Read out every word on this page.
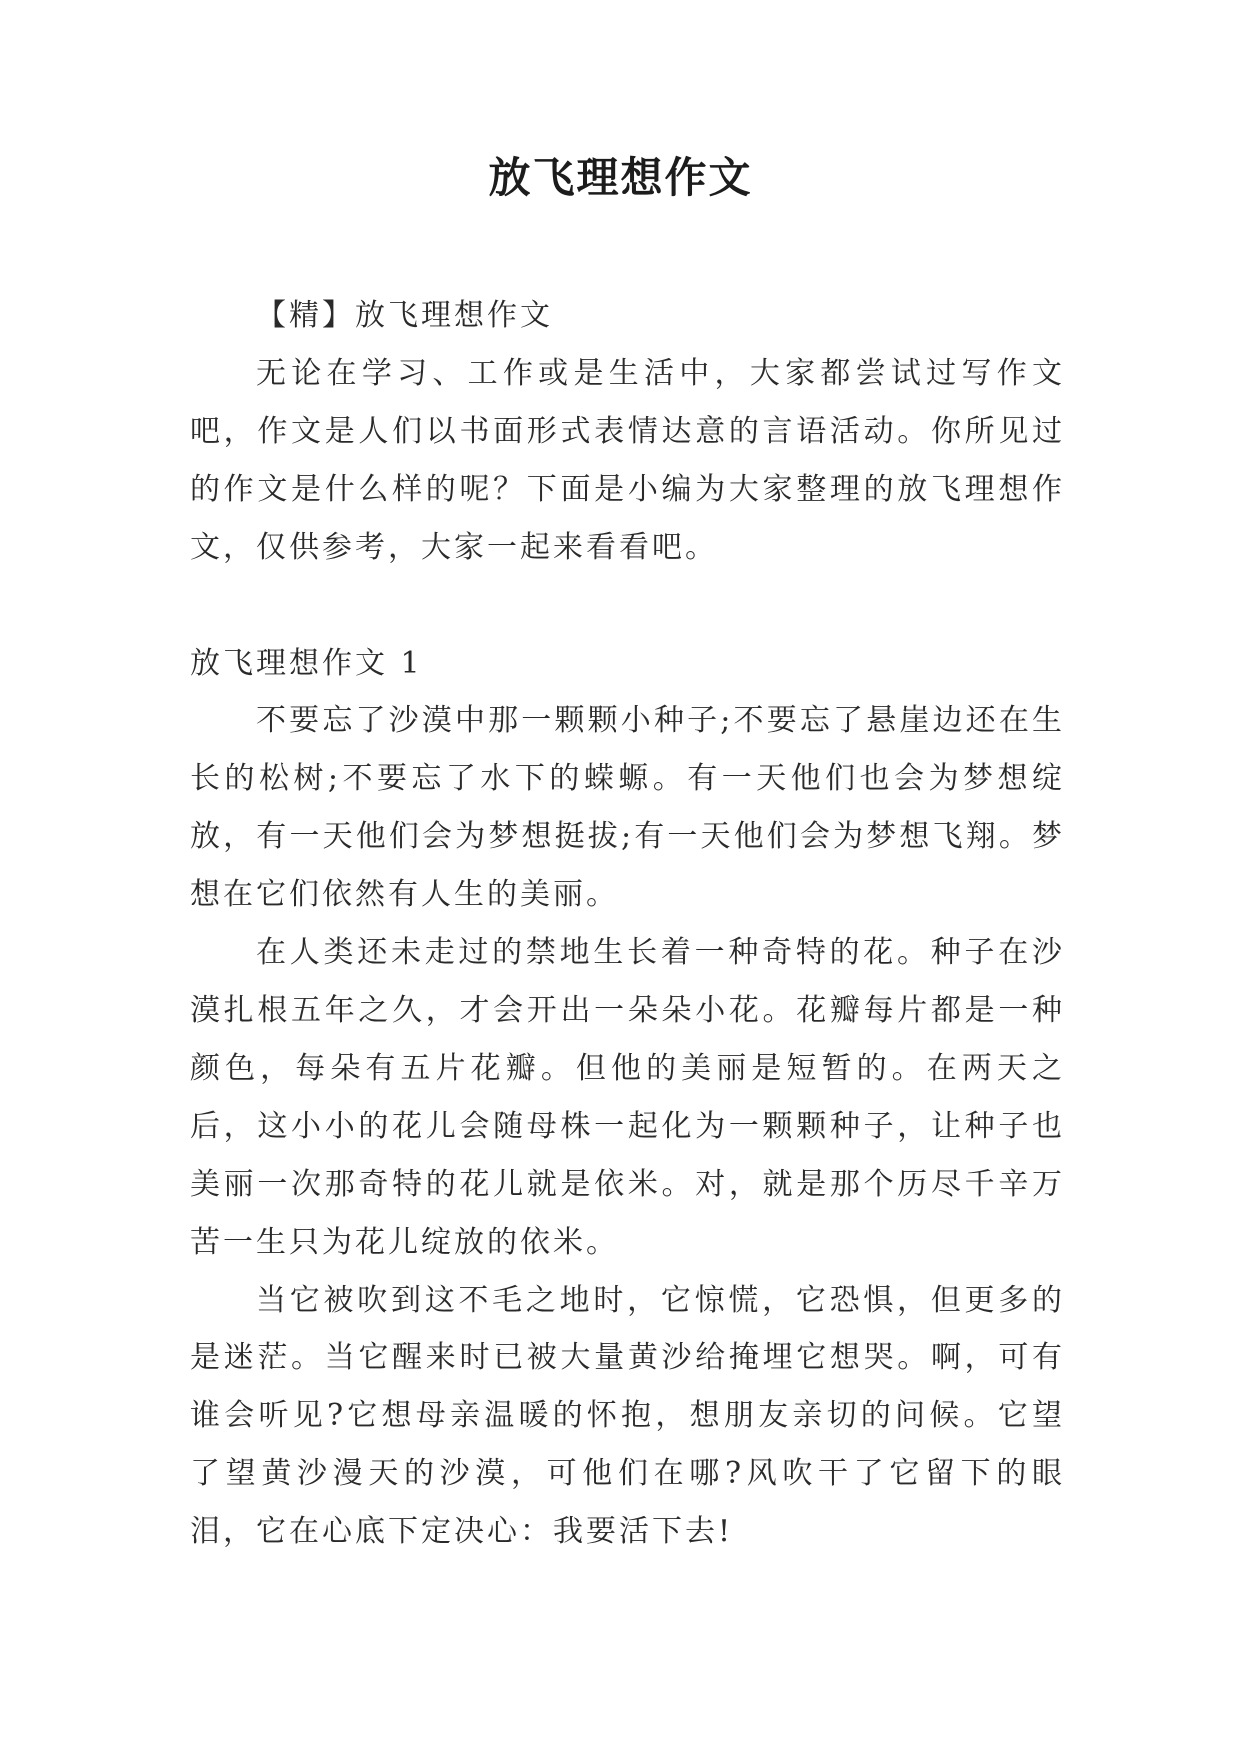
放飞理想作文

【精】放飞理想作文

无论在学习、工作或是生活中，大家都尝试过写作文吧，作文是人们以书面形式表情达意的言语活动。你所见过的作文是什么样的呢？下面是小编为大家整理的放飞理想作文，仅供参考，大家一起来看看吧。

放飞理想作文 1

不要忘了沙漠中那一颗颗小种子;不要忘了悬崖边还在生长的松树;不要忘了水下的蝾螈。有一天他们也会为梦想绽放，有一天他们会为梦想挺拔;有一天他们会为梦想飞翔。梦想在它们依然有人生的美丽。

在人类还未走过的禁地生长着一种奇特的花。种子在沙漠扎根五年之久，才会开出一朵朵小花。花瓣每片都是一种颜色，每朵有五片花瓣。但他的美丽是短暂的。在两天之后，这小小的花儿会随母株一起化为一颗颗种子，让种子也美丽一次那奇特的花儿就是依米。对，就是那个历尽千辛万苦一生只为花儿绽放的依米。

当它被吹到这不毛之地时，它惊慌，它恐惧，但更多的是迷茫。当它醒来时已被大量黄沙给掩埋它想哭。啊，可有谁会听见?它想母亲温暖的怀抱，想朋友亲切的问候。它望了望黄沙漫天的沙漠，可他们在哪?风吹干了它留下的眼泪，它在心底下定决心：我要活下去!
